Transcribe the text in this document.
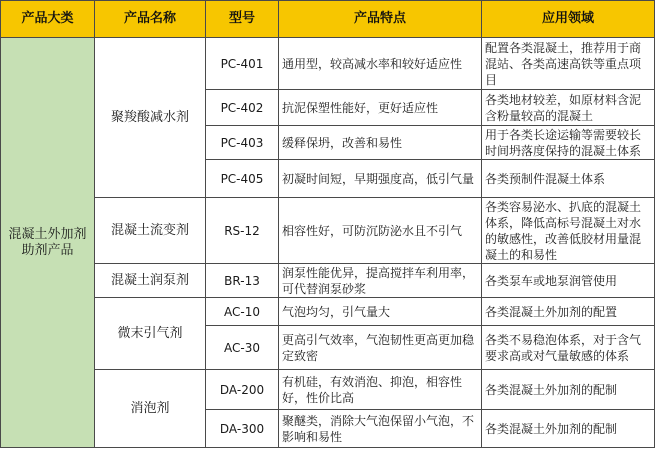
产品大类	产品名称	型号	产品特点	应用领域
混凝土外加剂助剂产品	聚羧酸减水剂	PC-401	通用型，较高减水率和较好适应性	配置各类混凝土，推荐用于商混站、各类高速高铁等重点项目
		PC-402	抗泥保塑性能好，更好适应性	各类地材较差，如原材料含泥含粉量较高的混凝土
		PC-403	缓释保坍，改善和易性	用于各类长途运输等需要较长时间坍落度保持的混凝土体系
		PC-405	初凝时间短，早期强度高，低引气量	各类预制件混凝土体系
	混凝土流变剂	RS-12	相容性好，可防沉防泌水且不引气	各类容易泌水、扒底的混凝土体系，降低高标号混凝土对水的敏感性，改善低胶材用量混凝土的和易性
	混凝土润泵剂	BR-13	润泵性能优异，提高搅拌车利用率，可代替润泵砂浆	各类泵车或地泵润管使用
	微末引气剂	AC-10	气泡均匀，引气量大	各类混凝土外加剂的配置
		AC-30	更高引气效率，气泡韧性更高更加稳定致密	各类不易稳泡体系，对于含气要求高或对气量敏感的体系
	消泡剂	DA-200	有机硅，有效消泡、抑泡，相容性好，性价比高	各类混凝土外加剂的配制
		DA-300	聚醚类，消除大气泡保留小气泡，不影响和易性	各类混凝土外加剂的配制
